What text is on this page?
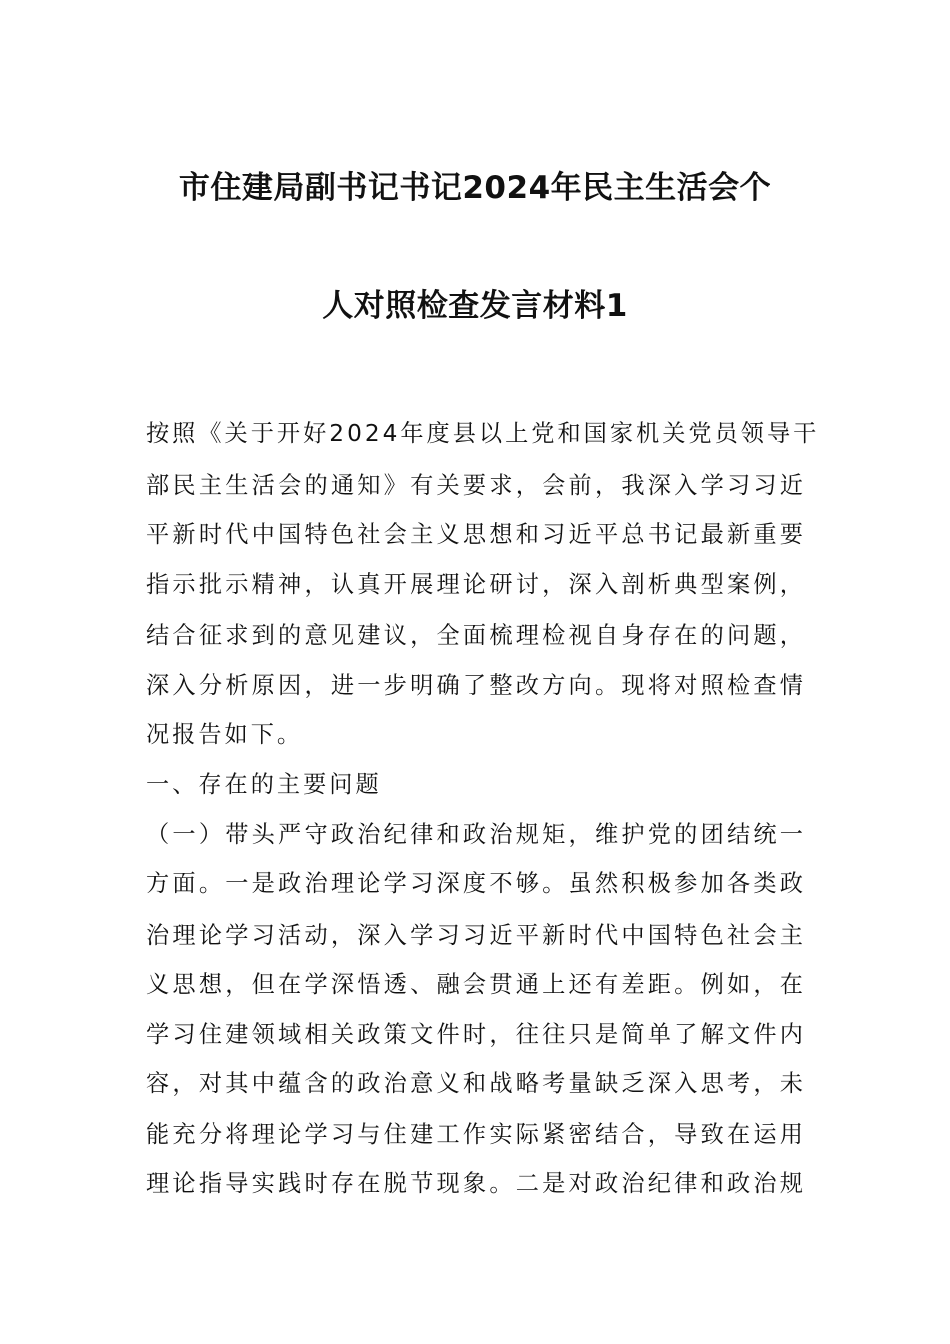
市住建局副书记书记2024年民主生活会个
人对照检查发言材料1
按照《关于开好2024年度县以上党和国家机关党员领导干
部民主生活会的通知》有关要求，会前，我深入学习习近
平新时代中国特色社会主义思想和习近平总书记最新重要
指示批示精神，认真开展理论研讨，深入剖析典型案例，
结合征求到的意见建议，全面梳理检视自身存在的问题，
深入分析原因，进一步明确了整改方向。现将对照检查情
况报告如下。
一、存在的主要问题
（一）带头严守政治纪律和政治规矩，维护党的团结统一
方面。一是政治理论学习深度不够。虽然积极参加各类政
治理论学习活动，深入学习习近平新时代中国特色社会主
义思想，但在学深悟透、融会贯通上还有差距。例如，在
学习住建领域相关政策文件时，往往只是简单了解文件内
容，对其中蕴含的政治意义和战略考量缺乏深入思考，未
能充分将理论学习与住建工作实际紧密结合，导致在运用
理论指导实践时存在脱节现象。二是对政治纪律和政治规
